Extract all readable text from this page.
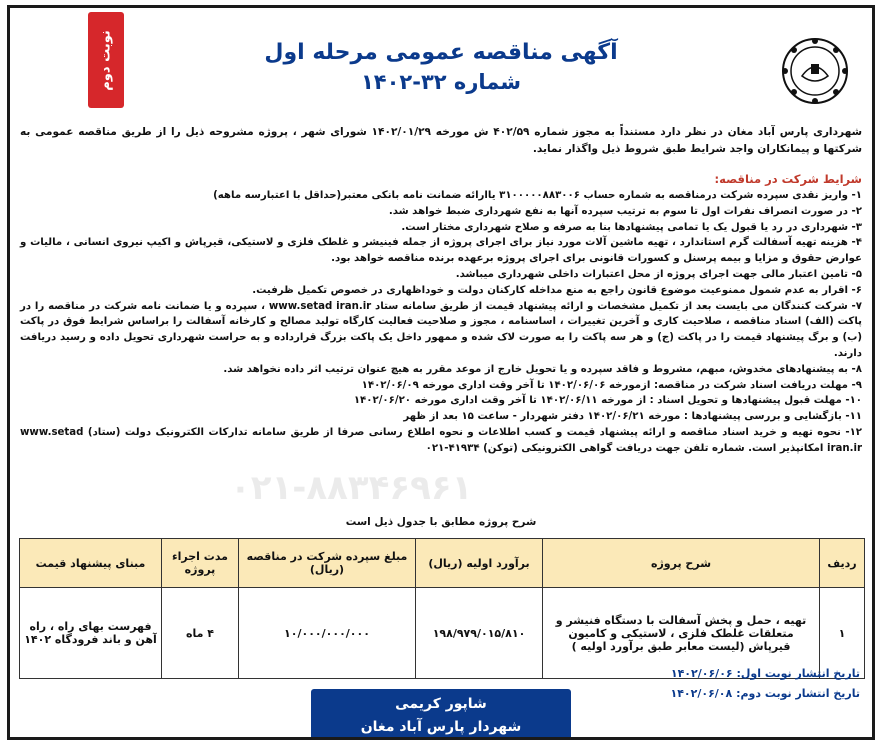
آگهی مناقصه عمومی مرحله اول
شماره ۳۲-۱۴۰۲
نوبت دوم
شهرداری پارس آباد مغان در نظر دارد مستنداً به مجوز شماره ۴۰۲/۵۹ ش مورخه ۱۴۰۲/۰۱/۲۹ شورای شهر ، پروژه مشروحه ذیل را از طریق مناقصه عمومی به شرکتها و پیمانکاران واجد شرایط طبق شروط ذیل واگذار نماید.
شرایط شرکت در مناقصه:

۱- واریز نقدی سپرده شرکت درمناقصه به شماره حساب ۳۱۰۰۰۰۰۸۸۳۰۰۶ یاارائه ضمانت نامه بانکی معتبر(حداقل با اعتبارسه ماهه)

۲- در صورت انصراف نفرات اول تا سوم به ترتیب سپرده آنها به نفع شهرداری ضبط خواهد شد.

۳- شهرداری در رد یا قبول یک یا تمامی پیشنهادها بنا به صرفه و صلاح شهرداری مختار است.

۴- هزینه تهیه آسفالت گرم استاندارد ، تهیه ماشین آلات مورد نیاز برای اجرای پروژه از جمله فینیشر و غلطک فلزی و لاستیکی، قیرپاش و اکیپ نیروی انسانی ، مالیات و عوارض حقوق و مزایا و بیمه پرسنل و کسورات قانونی برای اجرای پروژه برعهده برنده مناقصه خواهد بود.

۵- تامین اعتبار مالی جهت اجرای پروژه از محل اعتبارات داخلی شهرداری میباشد.

۶- اقرار به عدم شمول ممنوعیت موضوع قانون راجع به منع مداخله کارکنان دولت و خوداظهاری در خصوص تکمیل ظرفیت.

۷- شرکت کنندگان می بایست بعد از تکمیل مشخصات و ارائه پیشنهاد قیمت از طریق سامانه ستاد www.setad iran.ir ، سپرده و یا ضمانت نامه شرکت در مناقصه را در پاکت (الف) اسناد مناقصه ، صلاحیت کاری و آخرین تغییرات ، اساسنامه ، مجوز و صلاحیت فعالیت کارگاه تولید مصالح و کارخانه آسفالت را براساس شرایط فوق در پاکت (ب) و برگ پیشنهاد قیمت را در پاکت (ج) و هر سه پاکت را به صورت لاک شده و ممهور داخل یک پاکت بزرگ قرارداده و به حراست شهرداری تحویل داده و رسید دریافت دارند.

۸- به پیشنهادهای مخدوش، مبهم، مشروط و فاقد سپرده و یا تحویل خارج از موعد مقرر به هیچ عنوان ترتیب اثر داده نخواهد شد.

۹- مهلت دریافت اسناد شرکت در مناقصه: ازمورخه ۱۴۰۲/۰۶/۰۶ تا آخر وقت اداری مورخه ۱۴۰۲/۰۶/۰۹

۱۰- مهلت قبول پیشنهادها و تحویل اسناد : از مورخه ۱۴۰۲/۰۶/۱۱ تا آخر وقت اداری مورخه ۱۴۰۲/۰۶/۲۰

۱۱- بازگشایی و بررسی پیشنهادها : مورخه ۱۴۰۲/۰۶/۲۱ دفتر شهردار - ساعت ۱۵ بعد از ظهر

۱۲- نحوه تهیه و خرید اسناد مناقصه و ارائه پیشنهاد قیمت و کسب اطلاعات و نحوه اطلاع رسانی صرفا از طریق سامانه تدارکات الکترونیک دولت (ستاد) www.setad iran.ir امکانپذیر است. شماره تلفن جهت دریافت گواهی الکترونیکی (توکن) ۴۱۹۳۴-۰۲۱

۰۲۱-۸۸۳۴۶۹۶۱
شرح پروژه مطابق با جدول ذیل است
ردیف	شرح پروژه	برآورد اولیه (ریال)	مبلغ سپرده شرکت در مناقصه (ریال)	مدت اجراء پروژه	مبنای پیشنهاد قیمت
۱	تهیه ، حمل و پخش آسفالت با دستگاه فنیشر و متعلقات غلطک فلزی ، لاستیکی و کامیون قیرپاش (لیست معابر طبق برآورد اولیه )	۱۹۸/۹۷۹/۰۱۵/۸۱۰	۱۰/۰۰۰/۰۰۰/۰۰۰	۴ ماه	فهرست بهای راه ، راه آهن و باند فرودگاه ۱۴۰۲
تاریخ انتشار نوبت اول: ۱۴۰۲/۰۶/۰۶
تاریخ انتشار نوبت دوم: ۱۴۰۲/۰۶/۰۸
شاپور کریمی
شهردار پارس آباد مغان
